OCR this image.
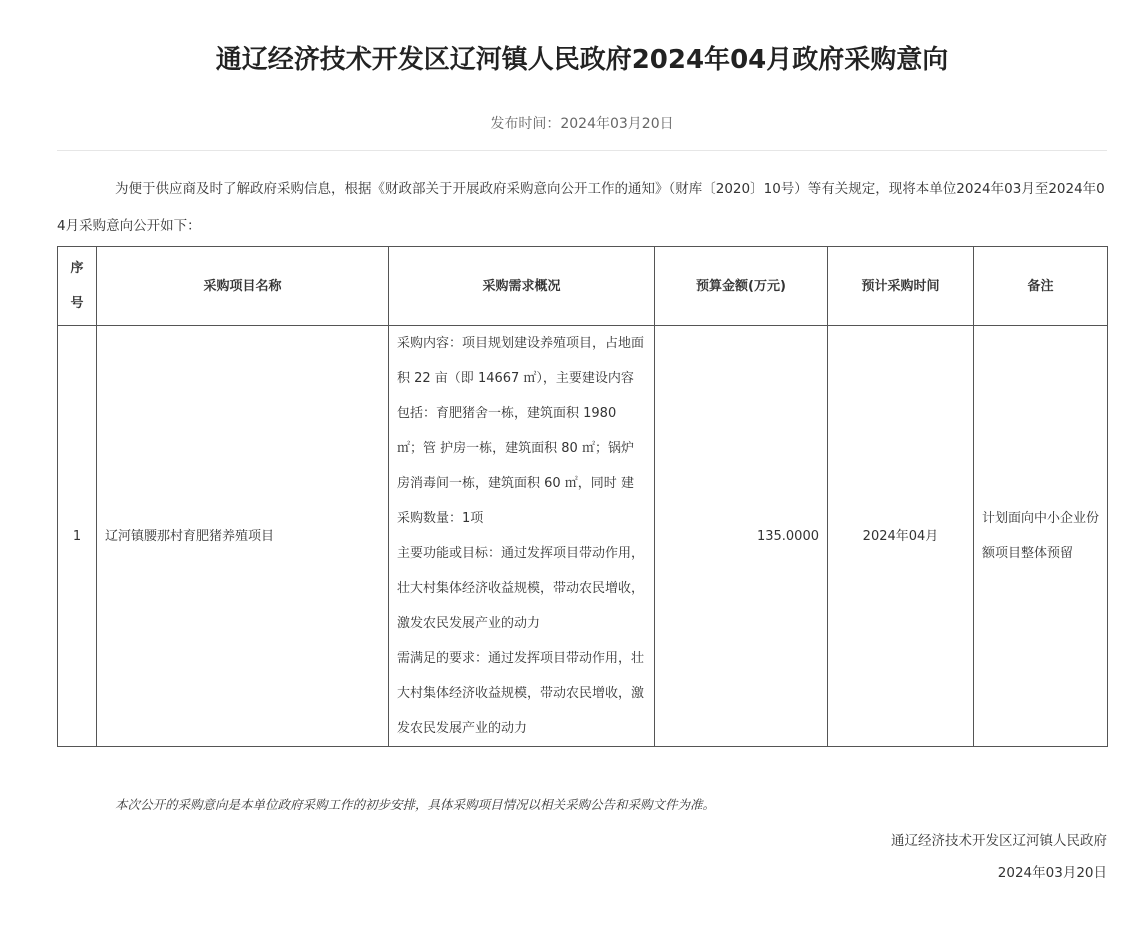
通辽经济技术开发区辽河镇人民政府2024年04月政府采购意向
发布时间：2024年03月20日
为便于供应商及时了解政府采购信息，根据《财政部关于开展政府采购意向公开工作的通知》（财库〔2020〕10号）等有关规定，现将本单位2024年03月至2024年04月采购意向公开如下：
序号	采购项目名称	采购需求概况	预算金额(万元)	预计采购时间	备注
1	辽河镇腰那村育肥猪养殖项目	采购内容：项目规划建设养殖项目，占地面积 22 亩（即 14667 ㎡），主要建设内容包括：育肥猪舍一栋，建筑面积 1980 ㎡；管 护房一栋，建筑面积 80 ㎡；锅炉房消毒间一栋，建筑面积 60 ㎡，同时 建
采购数量：1项
主要功能或目标：通过发挥项目带动作用，壮大村集体经济收益规模，带动农民增收，激发农民发展产业的动力
需满足的要求：通过发挥项目带动作用，壮大村集体经济收益规模，带动农民增收，激发农民发展产业的动力	135.0000	2024年04月	计划面向中小企业份额项目整体预留
本次公开的采购意向是本单位政府采购工作的初步安排，具体采购项目情况以相关采购公告和采购文件为准。
通辽经济技术开发区辽河镇人民政府
2024年03月20日
